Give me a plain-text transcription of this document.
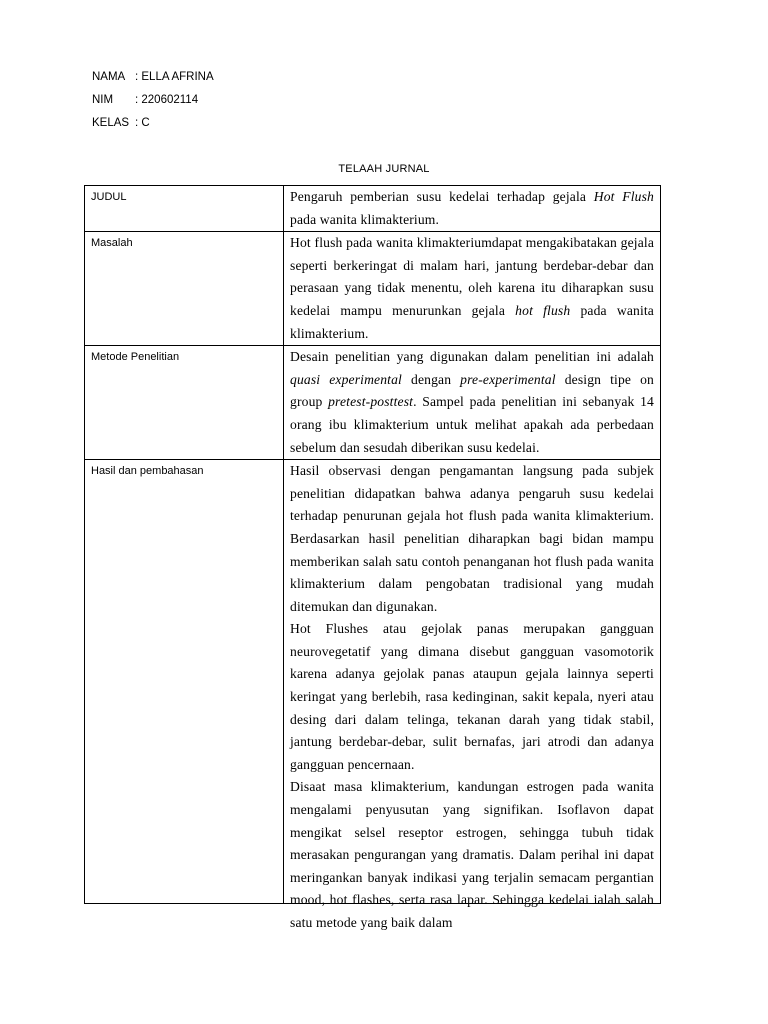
NAMA : ELLA AFRINA
NIM	: 220602114
KELAS : C
TELAAH JURNAL
JUDUL	Pengaruh pemberian susu kedelai terhadap gejala Hot Flush pada wanita klimakterium.
Masalah	Hot flush pada wanita klimakteriumdapat mengakibatakan gejala seperti berkeringat di malam hari, jantung berdebar-debar dan perasaan yang tidak menentu, oleh karena itu diharapkan susu kedelai mampu menurunkan gejala hot flush pada wanita klimakterium.
Metode Penelitian	Desain penelitian yang digunakan dalam penelitian ini adalah quasi experimental dengan pre-experimental design tipe on group pretest-posttest. Sampel pada penelitian ini sebanyak 14 orang ibu klimakterium untuk melihat apakah ada perbedaan sebelum dan sesudah diberikan susu kedelai.
Hasil dan pembahasan	Hasil observasi dengan pengamantan langsung pada subjek penelitian didapatkan bahwa adanya pengaruh susu kedelai terhadap penurunan gejala hot flush pada wanita klimakterium. Berdasarkan hasil penelitian diharapkan bagi bidan mampu memberikan salah satu contoh penanganan hot flush pada wanita klimakterium dalam pengobatan tradisional yang mudah ditemukan dan digunakan.

Hot Flushes atau gejolak panas merupakan gangguan neurovegetatif yang dimana disebut gangguan vasomotorik karena adanya gejolak panas ataupun gejala lainnya seperti keringat yang berlebih, rasa kedinginan, sakit kepala, nyeri atau desing dari dalam telinga, tekanan darah yang tidak stabil, jantung berdebar-debar, sulit bernafas, jari atrodi dan adanya gangguan pencernaan.

Disaat masa klimakterium, kandungan estrogen pada wanita mengalami penyusutan yang signifikan. Isoflavon dapat mengikat selsel reseptor estrogen, sehingga tubuh tidak merasakan pengurangan yang dramatis. Dalam perihal ini dapat meringankan banyak indikasi yang terjalin semacam pergantian mood, hot flashes, serta rasa lapar. Sehingga kedelai ialah salah satu metode yang baik dalam
